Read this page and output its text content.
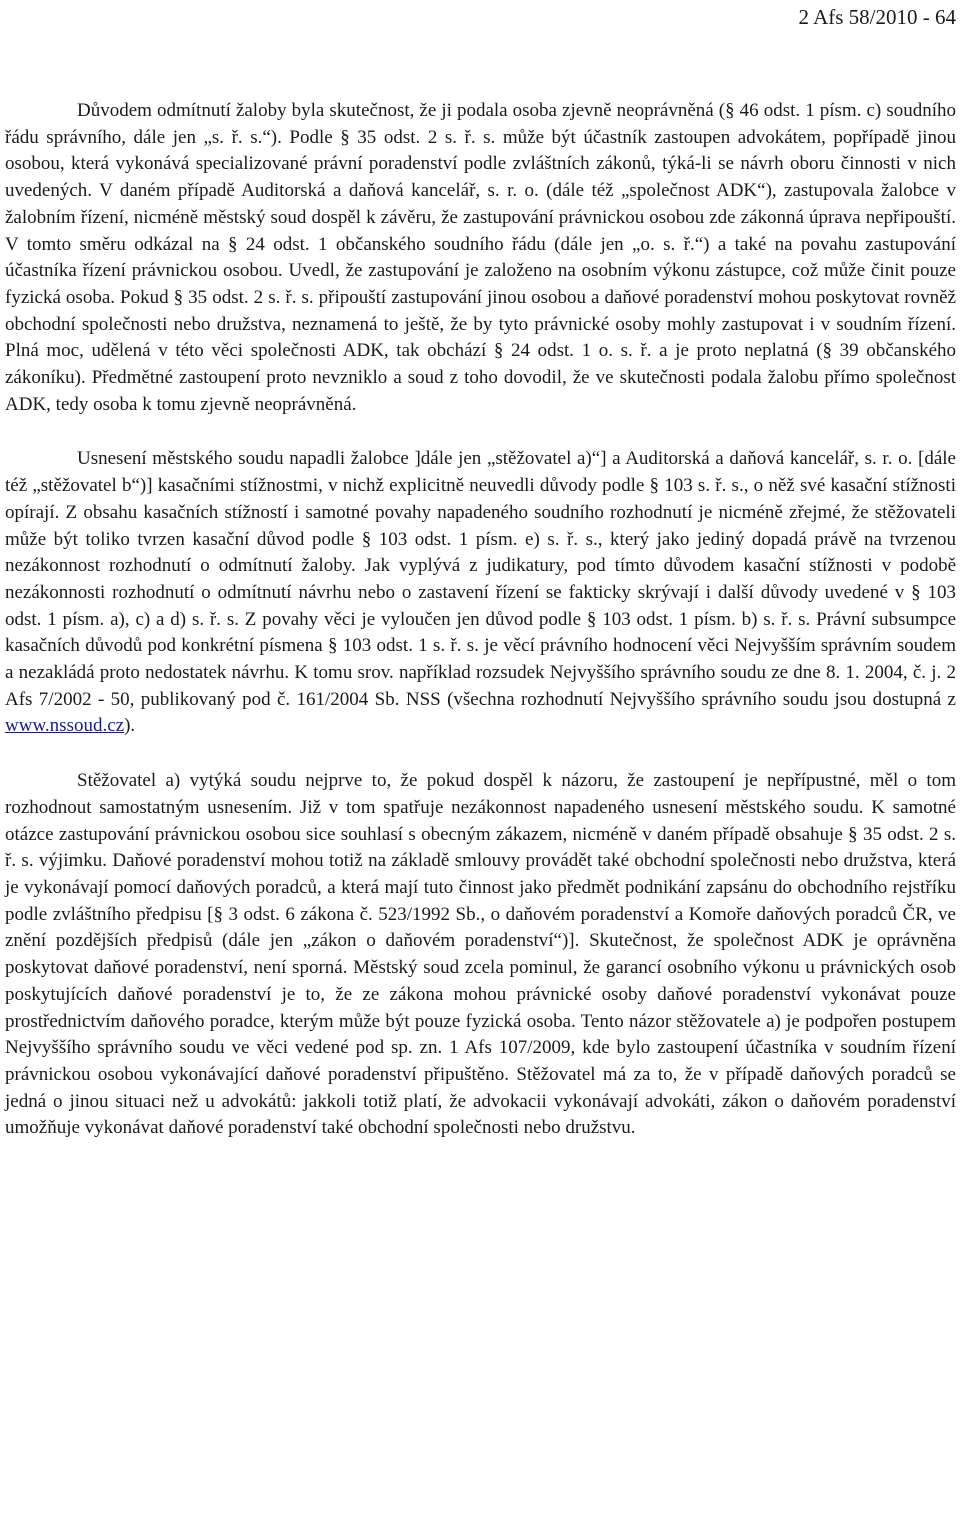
2 Afs 58/2010 - 64

Důvodem odmítnutí žaloby byla skutečnost, že ji podala osoba zjevně neoprávněná (§ 46 odst. 1 písm. c) soudního řádu správního, dále jen „s. ř. s.“). Podle § 35 odst. 2 s. ř. s. může být účastník zastoupen advokátem, popřípadě jinou osobou, která vykonává specializované právní poradenství podle zvláštních zákonů, týká-li se návrh oboru činnosti v nich uvedených. V daném případě Auditorská a daňová kancelář, s. r. o. (dále též „společnost ADK“), zastupovala žalobce v žalobním řízení, nicméně městský soud dospěl k závěru, že zastupování právnickou osobou zde zákonná úprava nepřipouští. V tomto směru odkázal na § 24 odst. 1 občanského soudního řádu (dále jen „o. s. ř.“) a také na povahu zastupování účastníka řízení právnickou osobou. Uvedl, že zastupování je založeno na osobním výkonu zástupce, což může činit pouze fyzická osoba. Pokud § 35 odst. 2 s. ř. s. připouští zastupování jinou osobou a daňové poradenství mohou poskytovat rovněž obchodní společnosti nebo družstva, neznamená to ještě, že by tyto právnické osoby mohly zastupovat i v soudním řízení. Plná moc, udělená v této věci společnosti ADK, tak obchází § 24 odst. 1 o. s. ř. a je proto neplatná (§ 39 občanského zákoníku). Předmětné zastoupení proto nevzniklo a soud z toho dovodil, že ve skutečnosti podala žalobu přímo společnost ADK, tedy osoba k tomu zjevně neoprávněná.

Usnesení městského soudu napadli žalobce ]dále jen „stěžovatel a)“] a Auditorská a daňová kancelář, s. r. o. [dále též „stěžovatel b“)] kasačními stížnostmi, v nichž explicitně neuvedli důvody podle § 103 s. ř. s., o něž své kasační stížnosti opírají. Z obsahu kasačních stížností i samotné povahy napadeného soudního rozhodnutí je nicméně zřejmé, že stěžovateli může být toliko tvrzen kasační důvod podle § 103 odst. 1 písm. e) s. ř. s., který jako jediný dopadá právě na tvrzenou nezákonnost rozhodnutí o odmítnutí žaloby. Jak vyplývá z judikatury, pod tímto důvodem kasační stížnosti v podobě nezákonnosti rozhodnutí o odmítnutí návrhu nebo o zastavení řízení se fakticky skrývají i další důvody uvedené v § 103 odst. 1 písm. a), c) a d) s. ř. s. Z povahy věci je vyloučen jen důvod podle § 103 odst. 1 písm. b) s. ř. s. Právní subsumpce kasačních důvodů pod konkrétní písmena § 103 odst. 1 s. ř. s. je věcí právního hodnocení věci Nejvyšším správním soudem a nezakládá proto nedostatek návrhu. K tomu srov. například rozsudek Nejvyššího správního soudu ze dne 8. 1. 2004, č. j. 2 Afs 7/2002 - 50, publikovaný pod č. 161/2004 Sb. NSS (všechna rozhodnutí Nejvyššího správního soudu jsou dostupná z www.nssoud.cz).

Stěžovatel a) vytýká soudu nejprve to, že pokud dospěl k názoru, že zastoupení je nepřípustné, měl o tom rozhodnout samostatným usnesením. Již v tom spatřuje nezákonnost napadeného usnesení městského soudu. K samotné otázce zastupování právnickou osobou sice souhlasí s obecným zákazem, nicméně v daném případě obsahuje § 35 odst. 2 s. ř. s. výjimku. Daňové poradenství mohou totiž na základě smlouvy provádět také obchodní společnosti nebo družstva, která je vykonávají pomocí daňových poradců, a která mají tuto činnost jako předmět podnikání zapsánu do obchodního rejstříku podle zvláštního předpisu [§ 3 odst. 6 zákona č. 523/1992 Sb., o daňovém poradenství a Komoře daňových poradců ČR, ve znění pozdějších předpisů (dále jen „zákon o daňovém poradenství“)]. Skutečnost, že společnost ADK je oprávněna poskytovat daňové poradenství, není sporná. Městský soud zcela pominul, že garancí osobního výkonu u právnických osob poskytujících daňové poradenství je to, že ze zákona mohou právnické osoby daňové poradenství vykonávat pouze prostřednictvím daňového poradce, kterým může být pouze fyzická osoba. Tento názor stěžovatele a) je podpořen postupem Nejvyššího správního soudu ve věci vedené pod sp. zn. 1 Afs 107/2009, kde bylo zastoupení účastníka v soudním řízení právnickou osobou vykonávající daňové poradenství připuštěno. Stěžovatel má za to, že v případě daňových poradců se jedná o jinou situaci než u advokátů: jakkoli totiž platí, že advokacii vykonávají advokáti, zákon o daňovém poradenství umožňuje vykonávat daňové poradenství také obchodní společnosti nebo družstvu.
